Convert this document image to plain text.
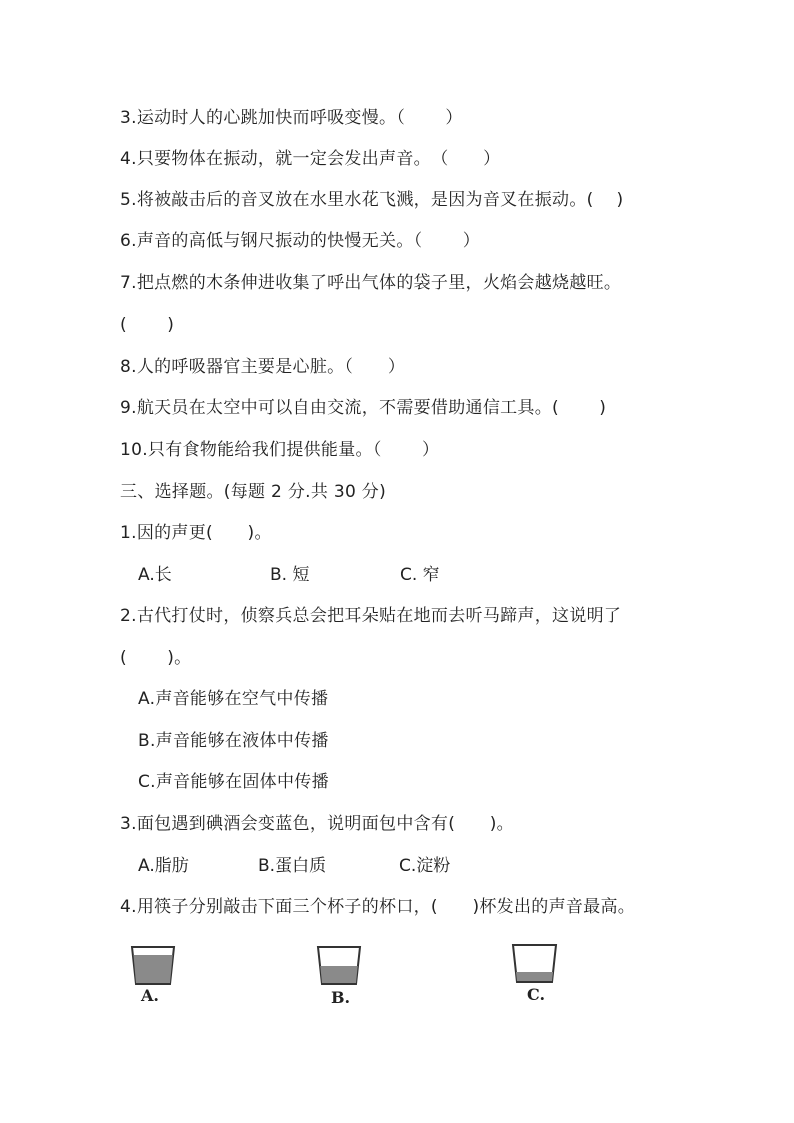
3.运动时人的心跳加快而呼吸变慢。（　　 ）
4.只要物体在振动，就一定会发出声音。　（　　）
5.将被敲击后的音叉放在水里水花飞溅，是因为音叉在振动。(　 )
6.声音的高低与钢尺振动的快慢无关。（　　 ）
7.把点燃的木条伸进收集了呼出气体的袋子里，火焰会越烧越旺。
(　　 )
8.人的呼吸器官主要是心脏。（　　）
9.航天员在太空中可以自由交流，不需要借助通信工具。(　　 )
10.只有食物能给我们提供能量。（　　 ）
三、选择题。(每题 2 分.共 30 分)
1.因的声更(　　)。
A.长	B. 短	C. 窄
2.古代打仗时，侦察兵总会把耳朵贴在地而去听马蹄声，这说明了
(　　 )。
A.声音能够在空气中传播
B.声音能够在液体中传播
C.声音能够在固体中传播
3.面包遇到碘酒会变蓝色，说明面包中含有(　　)。
A.脂肪	B.蛋白质	C.淀粉
4.用筷子分别敲击下面三个杯子的杯口，(　　)杯发出的声音最高。
A.	B.	C.
